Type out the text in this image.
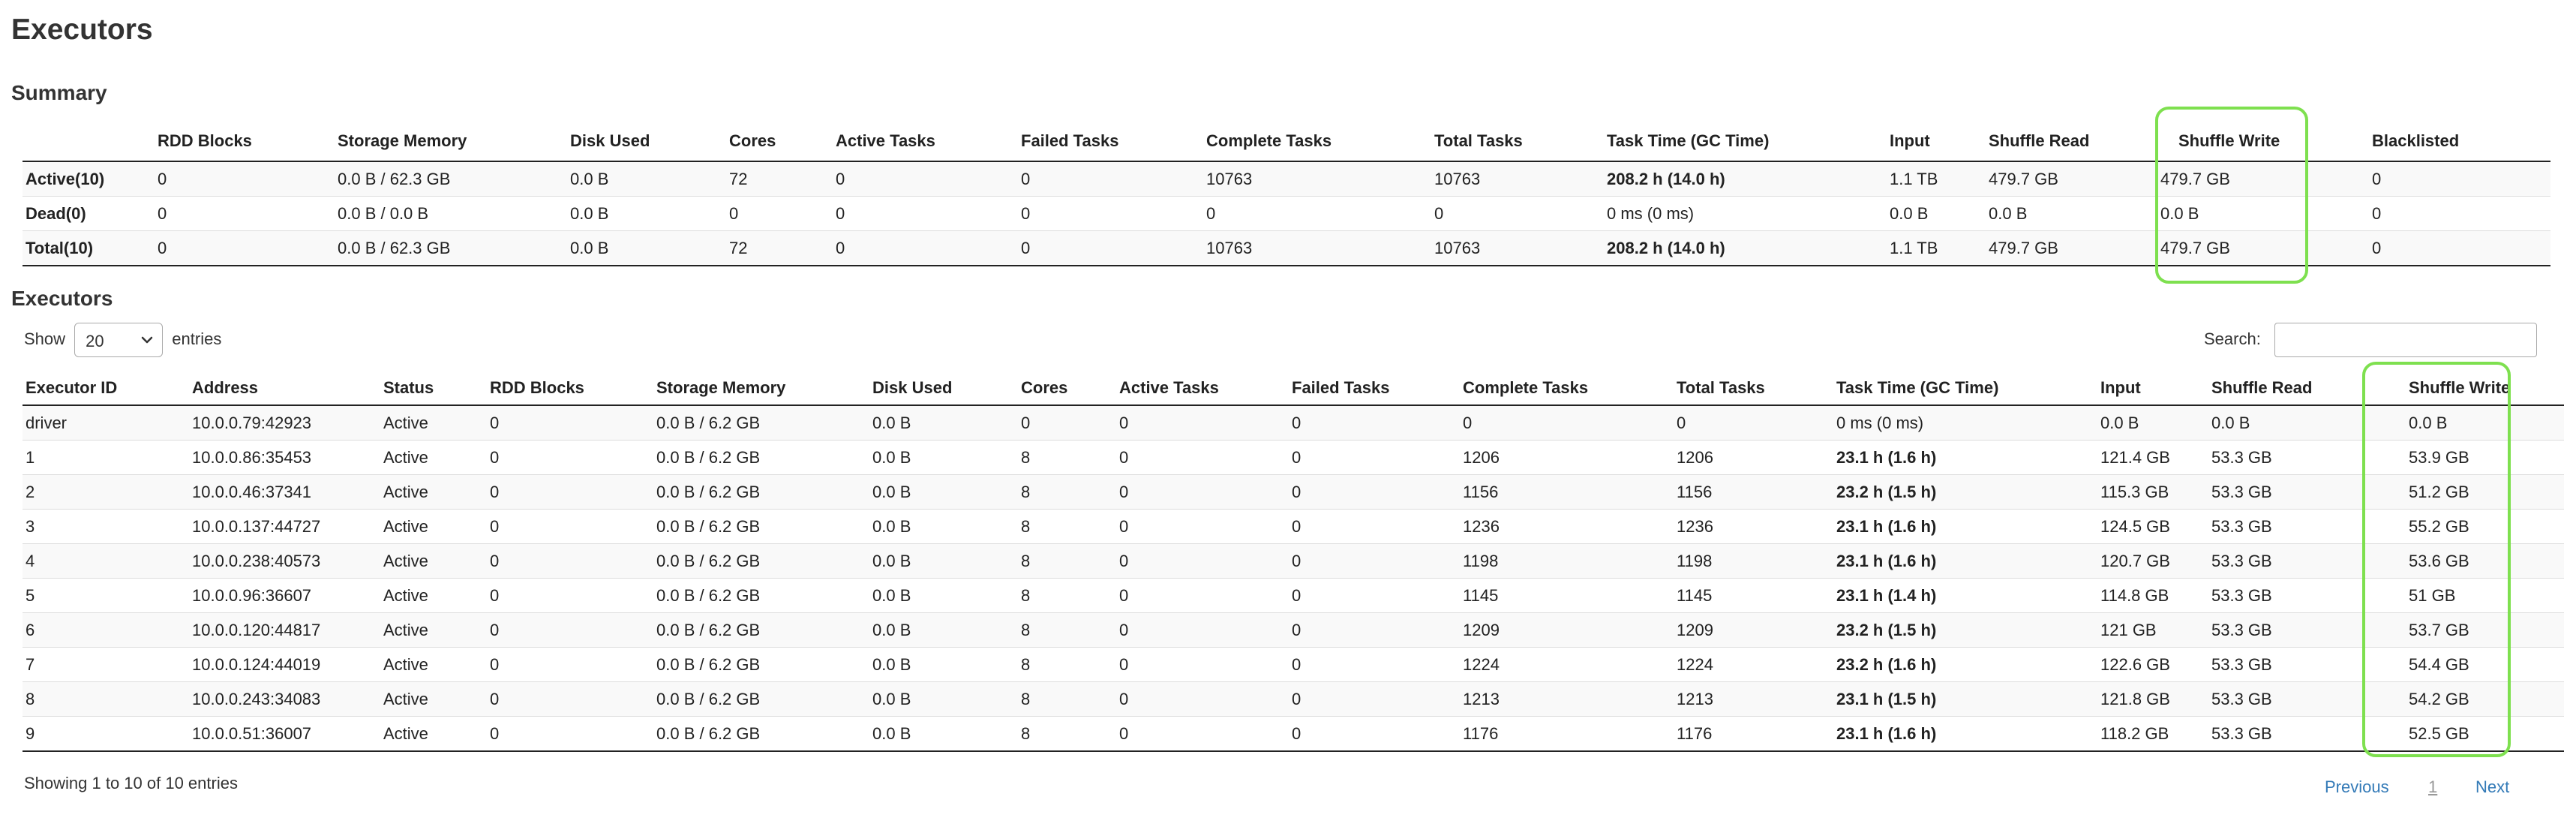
Executors
Summary
	RDD Blocks	Storage Memory	Disk Used	Cores	Active Tasks	Failed Tasks	Complete Tasks	Total Tasks	Task Time (GC Time)	Input	Shuffle Read	Shuffle Write	Blacklisted
Active(10)	0	0.0 B / 62.3 GB	0.0 B	72	0	0	10763	10763	208.2 h (14.0 h)	1.1 TB	479.7 GB	479.7 GB	0
Dead(0)	0	0.0 B / 0.0 B	0.0 B	0	0	0	0	0	0 ms (0 ms)	0.0 B	0.0 B	0.0 B	0
Total(10)	0	0.0 B / 62.3 GB	0.0 B	72	0	0	10763	10763	208.2 h (14.0 h)	1.1 TB	479.7 GB	479.7 GB	0
Executors
Show 20	entries	Search:
Executor ID	Address	Status	RDD Blocks	Storage Memory	Disk Used	Cores	Active Tasks	Failed Tasks	Complete Tasks	Total Tasks	Task Time (GC Time)	Input	Shuffle Read	Shuffle Write
driver	10.0.0.79:42923	Active	0	0.0 B / 6.2 GB	0.0 B	0	0	0	0	0	0 ms (0 ms)	0.0 B	0.0 B	0.0 B
1	10.0.0.86:35453	Active	0	0.0 B / 6.2 GB	0.0 B	8	0	0	1206	1206	23.1 h (1.6 h)	121.4 GB	53.3 GB	53.9 GB
2	10.0.0.46:37341	Active	0	0.0 B / 6.2 GB	0.0 B	8	0	0	1156	1156	23.2 h (1.5 h)	115.3 GB	53.3 GB	51.2 GB
3	10.0.0.137:44727	Active	0	0.0 B / 6.2 GB	0.0 B	8	0	0	1236	1236	23.1 h (1.6 h)	124.5 GB	53.3 GB	55.2 GB
4	10.0.0.238:40573	Active	0	0.0 B / 6.2 GB	0.0 B	8	0	0	1198	1198	23.1 h (1.6 h)	120.7 GB	53.3 GB	53.6 GB
5	10.0.0.96:36607	Active	0	0.0 B / 6.2 GB	0.0 B	8	0	0	1145	1145	23.1 h (1.4 h)	114.8 GB	53.3 GB	51 GB
6	10.0.0.120:44817	Active	0	0.0 B / 6.2 GB	0.0 B	8	0	0	1209	1209	23.2 h (1.5 h)	121 GB	53.3 GB	53.7 GB
7	10.0.0.124:44019	Active	0	0.0 B / 6.2 GB	0.0 B	8	0	0	1224	1224	23.2 h (1.6 h)	122.6 GB	53.3 GB	54.4 GB
8	10.0.0.243:34083	Active	0	0.0 B / 6.2 GB	0.0 B	8	0	0	1213	1213	23.1 h (1.5 h)	121.8 GB	53.3 GB	54.2 GB
9	10.0.0.51:36007	Active	0	0.0 B / 6.2 GB	0.0 B	8	0	0	1176	1176	23.1 h (1.6 h)	118.2 GB	53.3 GB	52.5 GB
Showing 1 to 10 of 10 entries	Previous 1 Next
